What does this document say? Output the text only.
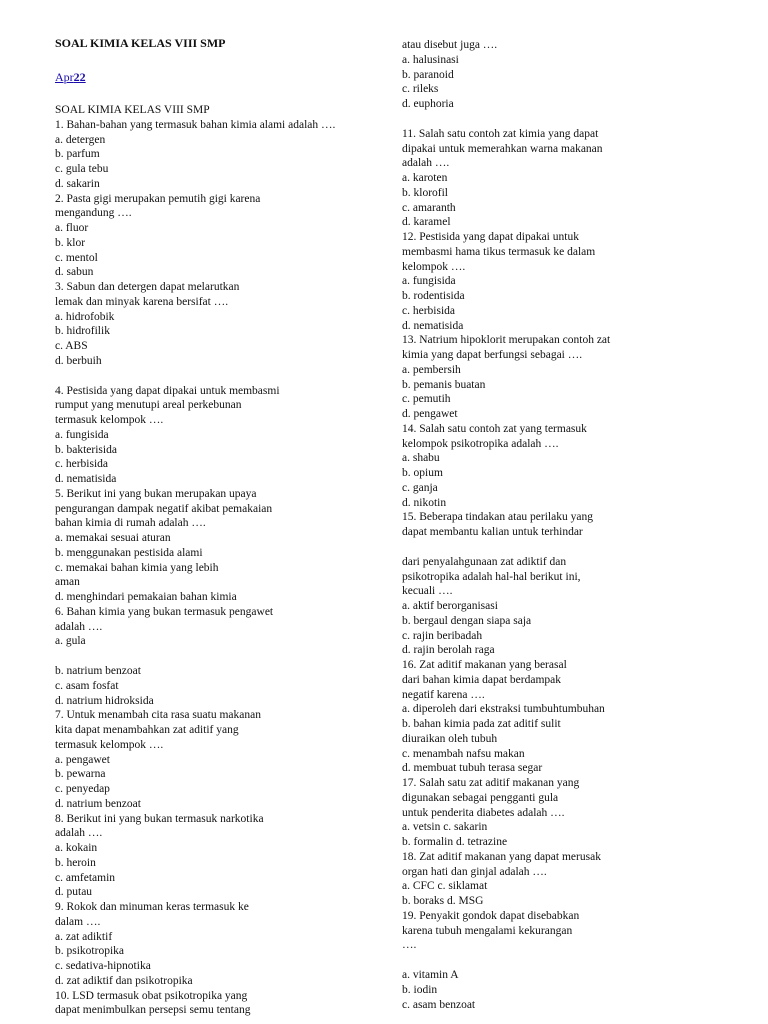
SOAL KIMIA KELAS VIII SMP
Apr22
SOAL KIMIA KELAS VIII SMP
1. Bahan-bahan yang termasuk bahan kimia alami adalah ….
a. detergen
b. parfum
c. gula tebu
d. sakarin
2. Pasta gigi merupakan pemutih gigi karena
mengandung ….
a. fluor
b. klor
c. mentol
d. sabun
3. Sabun dan detergen dapat melarutkan
lemak dan minyak karena bersifat ….
a. hidrofobik
b. hidrofilik
c. ABS
d. berbuih
4. Pestisida yang dapat dipakai untuk membasmi
rumput yang menutupi areal perkebunan
termasuk kelompok ….
a. fungisida
b. bakterisida
c. herbisida
d. nematisida
5. Berikut ini yang bukan merupakan upaya
pengurangan dampak negatif akibat pemakaian
bahan kimia di rumah adalah ….
a. memakai sesuai aturan
b. menggunakan pestisida alami
c. memakai bahan kimia yang lebih
aman
d. menghindari pemakaian bahan kimia
6. Bahan kimia yang bukan termasuk pengawet
adalah ….
a. gula
b. natrium benzoat
c. asam fosfat
d. natrium hidroksida
7. Untuk menambah cita rasa suatu makanan
kita dapat menambahkan zat aditif yang
termasuk kelompok ….
a. pengawet
b. pewarna
c. penyedap
d. natrium benzoat
8. Berikut ini yang bukan termasuk narkotika
adalah ….
a. kokain
b. heroin
c. amfetamin
d. putau
9. Rokok dan minuman keras termasuk ke
dalam ….
a. zat adiktif
b. psikotropika
c. sedativa-hipnotika
d. zat adiktif dan psikotropika
10. LSD termasuk obat psikotropika yang
dapat menimbulkan persepsi semu tentang
atau disebut juga ….
a. halusinasi
b. paranoid
c. rileks
d. euphoria
11. Salah satu contoh zat kimia yang dapat
dipakai untuk memerahkan warna makanan
adalah ….
a. karoten
b. klorofil
c. amaranth
d. karamel
12. Pestisida yang dapat dipakai untuk
membasmi hama tikus termasuk ke dalam
kelompok ….
a. fungisida
b. rodentisida
c. herbisida
d. nematisida
13. Natrium hipoklorit merupakan contoh zat
kimia yang dapat berfungsi sebagai ….
a. pembersih
b. pemanis buatan
c. pemutih
d. pengawet
14. Salah satu contoh zat yang termasuk
kelompok psikotropika adalah ….
a. shabu
b. opium
c. ganja
d. nikotin
15. Beberapa tindakan atau perilaku yang
dapat membantu kalian untuk terhindar
dari penyalahgunaan zat adiktif dan
psikotropika adalah hal-hal berikut ini,
kecuali ….
a. aktif berorganisasi
b. bergaul dengan siapa saja
c. rajin beribadah
d. rajin berolah raga
16. Zat aditif makanan yang berasal
dari bahan kimia dapat berdampak
negatif karena ….
a. diperoleh dari ekstraksi tumbuhtumbuhan
b. bahan kimia pada zat aditif sulit
diuraikan oleh tubuh
c. menambah nafsu makan
d. membuat tubuh terasa segar
17. Salah satu zat aditif makanan yang
digunakan sebagai pengganti gula
untuk penderita diabetes adalah ….
a. vetsin c. sakarin
b. formalin d. tetrazine
18. Zat aditif makanan yang dapat merusak
organ hati dan ginjal adalah ….
a. CFC c. siklamat
b. boraks d. MSG
19. Penyakit gondok dapat disebabkan
karena tubuh mengalami kekurangan
….
a. vitamin A
b. iodin
c. asam benzoat
